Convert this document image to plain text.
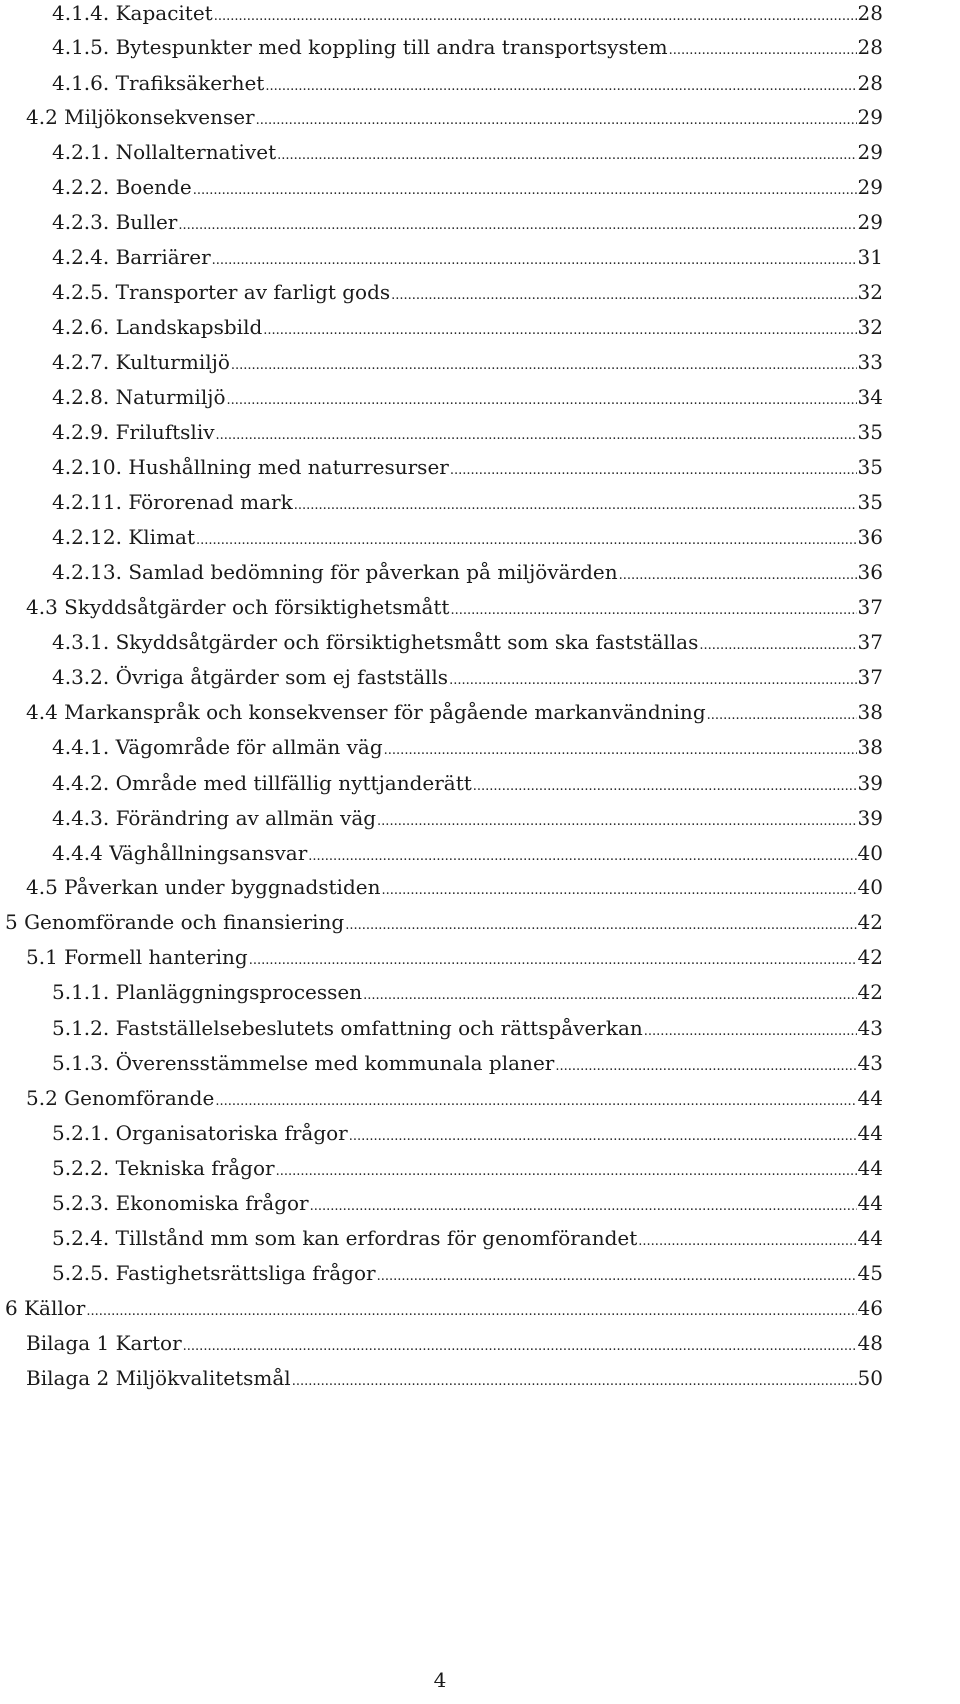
4.1.4. Kapacitet .....	28
4.1.5. Bytespunkter med koppling till andra transportsystem .....	28
4.1.6. Trafiksäkerhet .....	28
4.2 Miljökonsekvenser .....	29
4.2.1. Nollalternativet .....	29
4.2.2. Boende .....	29
4.2.3. Buller .....	29
4.2.4. Barriärer .....	31
4.2.5. Transporter av farligt gods .....	32
4.2.6. Landskapsbild .....	32
4.2.7. Kulturmiljö .....	33
4.2.8. Naturmiljö .....	34
4.2.9. Friluftsliv .....	35
4.2.10. Hushållning med naturresurser .....	35
4.2.11. Förorenad mark .....	35
4.2.12. Klimat .....	36
4.2.13. Samlad bedömning för påverkan på miljövärden .....	36
4.3 Skyddsåtgärder och försiktighetsmått .....	37
4.3.1. Skyddsåtgärder och försiktighetsmått som ska fastställas .....	37
4.3.2. Övriga åtgärder som ej fastställs .....	37
4.4 Markanspråk och konsekvenser för pågående markanvändning .....	38
4.4.1. Vägområde för allmän väg .....	38
4.4.2. Område med tillfällig nyttjanderätt .....	39
4.4.3. Förändring av allmän väg .....	39
4.4.4 Väghållningsansvar .....	40
4.5 Påverkan under byggnadstiden .....	40
5 Genomförande och finansiering .....	42
5.1 Formell hantering .....	42
5.1.1. Planläggningsprocessen .....	42
5.1.2. Fastställelsebeslutets omfattning och rättspåverkan .....	43
5.1.3. Överensstämmelse med kommunala planer .....	43
5.2 Genomförande .....	44
5.2.1. Organisatoriska frågor .....	44
5.2.2. Tekniska frågor .....	44
5.2.3. Ekonomiska frågor .....	44
5.2.4. Tillstånd mm som kan erfordras för genomförandet .....	44
5.2.5. Fastighetsrättsliga frågor .....	45
6 Källor .....	46
Bilaga 1 Kartor .....	48
Bilaga 2 Miljökvalitetsmål .....	50
4
